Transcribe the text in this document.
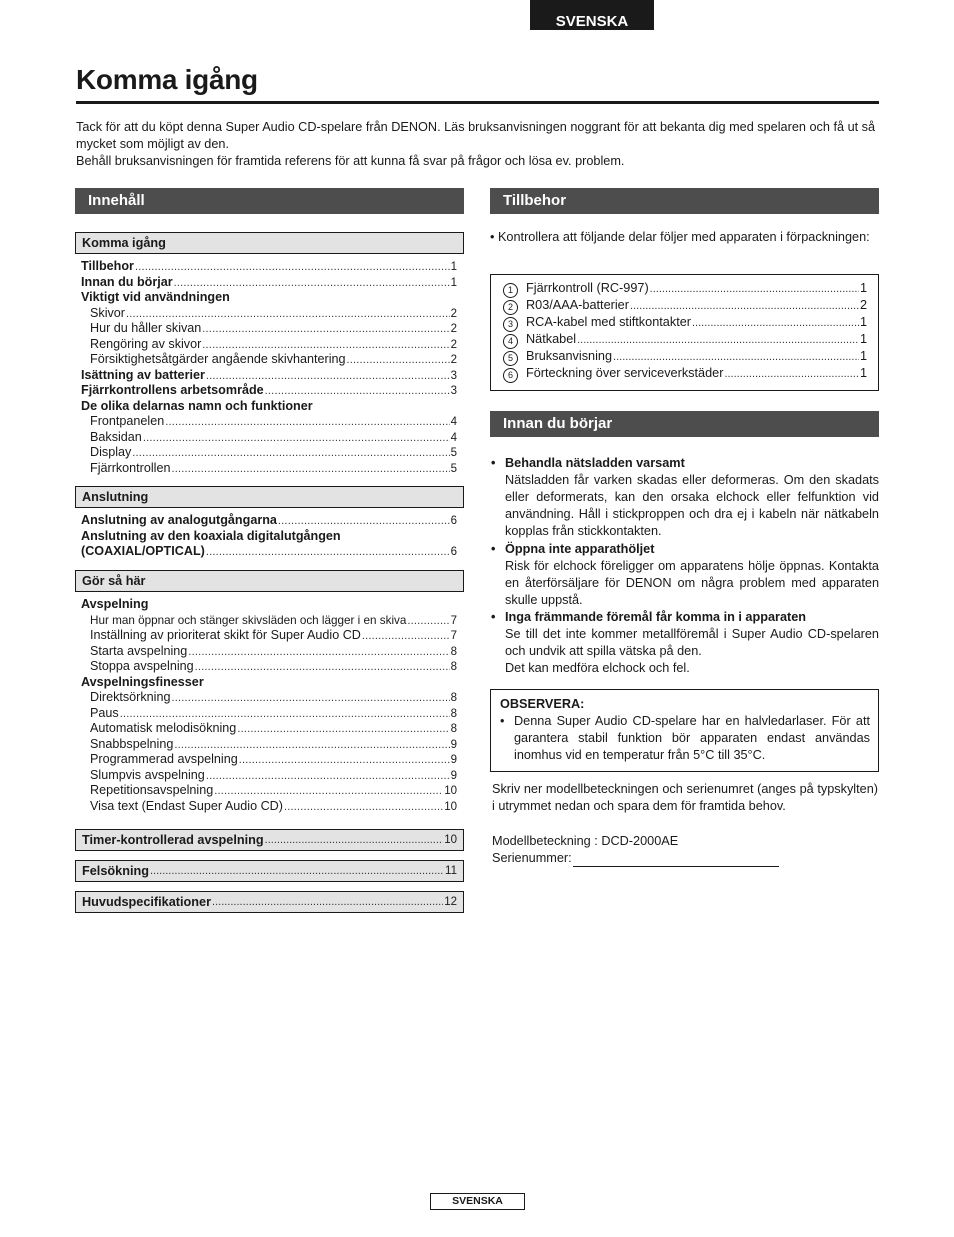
SVENSKA
Komma igång

Tack för att du köpt denna Super Audio CD-spelare från DENON. Läs bruksanvisningen noggrant för att bekanta dig med spelaren och få ut så mycket som möjligt av den.

Behåll bruksanvisningen för framtida referens för att kunna få svar på frågor och lösa ev. problem.

Innehåll
Komma igång
Tillbehor .....	1
Innan du börjar .....	1
Viktigt vid användningen
Skivor .....	2
Hur du håller skivan .....	2
Rengöring av skivor .....	2
Försiktighetsåtgärder angående skivhantering .....	2
Isättning av batterier .....	3
Fjärrkontrollens arbetsområde .....	3
De olika delarnas namn och funktioner
Frontpanelen .....	4
Baksidan .....	4
Display .....	5
Fjärrkontrollen .....	5
Anslutning
Anslutning av analogutgångarna .....	6
Anslutning av den koaxiala digitalutgången
(COAXIAL/OPTICAL) .....	6
Gör så här
Avspelning
Hur man öppnar och stänger skivsläden och lägger i en skiva .....	7
Inställning av prioriterat skikt för Super Audio CD .....	7
Starta avspelning .....	8
Stoppa avspelning .....	8
Avspelningsfinesser
Direktsörkning .....	8
Paus .....	8
Automatisk melodisökning .....	8
Snabbspelning .....	9
Programmerad avspelning .....	9
Slumpvis avspelning .....	9
Repetitionsavspelning .....	10
Visa text (Endast Super Audio CD) .....	10
Timer-kontrollerad avspelning .....	10
Felsökning .....	11
Huvudspecifikationer .....	12
Tillbehor
• Kontrollera att följande delar följer med apparaten i förpackningen:
1	Fjärrkontroll (RC-997) .....	1
2	R03/AAA-batterier .....	2
3	RCA-kabel med stiftkontakter .....	1
4	Nätkabel .....	1
5	Bruksanvisning .....	1
6	Förteckning över serviceverkstäder .....	1
Innan du börjar
• Behandla nätsladden varsamt
Nätsladden får varken skadas eller deformeras. Om den skadats eller deformerats, kan den orsaka elchock eller felfunktion vid användning. Håll i stickproppen och dra ej i kabeln när nätkabeln kopplas från stickkontakten.
• Öppna inte apparathöljet
Risk för elchock föreligger om apparatens hölje öppnas. Kontakta en återförsäljare för DENON om några problem med apparaten skulle uppstå.
• Inga främmande föremål får komma in i apparaten
Se till det inte kommer metallföremål i Super Audio CD-spelaren och undvik att spilla vätska på den.
Det kan medföra elchock och fel.
OBSERVERA:
• Denna Super Audio CD-spelare har en halvledarlaser. För att garantera stabil funktion bör apparaten endast användas inomhus vid en temperatur från 5°C till 35°C.
Skriv ner modellbeteckningen och serienumret (anges på typskylten) i utrymmet nedan och spara dem för framtida behov.
Modellbeteckning : DCD-2000AE
Serienummer:
SVENSKA
